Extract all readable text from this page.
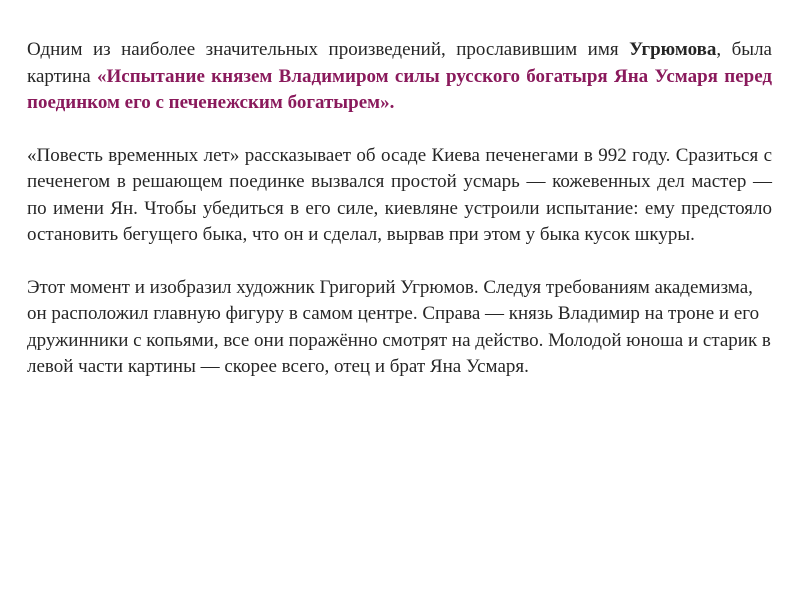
Одним из наиболее значительных произведений, прославившим имя Угрюмова, была картина «Испытание князем Владимиром силы русского богатыря Яна Усмаря перед поединком его с печенежским богатырем».

«Повесть временных лет» рассказывает об осаде Киева печенегами в 992 году. Сразиться с печенегом в решающем поединке вызвался простой усмарь — кожевенных дел мастер — по имени Ян. Чтобы убедиться в его силе, киевляне устроили испытание: ему предстояло остановить бегущего быка, что он и сделал, вырвав при этом у быка кусок шкуры.

Этот момент и изобразил художник Григорий Угрюмов. Следуя требованиям академизма, он расположил главную фигуру в самом центре. Справа — князь Владимир на троне и его дружинники с копьями, все они поражённо смотрят на действо. Молодой юноша и старик в левой части картины — скорее всего, отец и брат Яна Усмаря.
